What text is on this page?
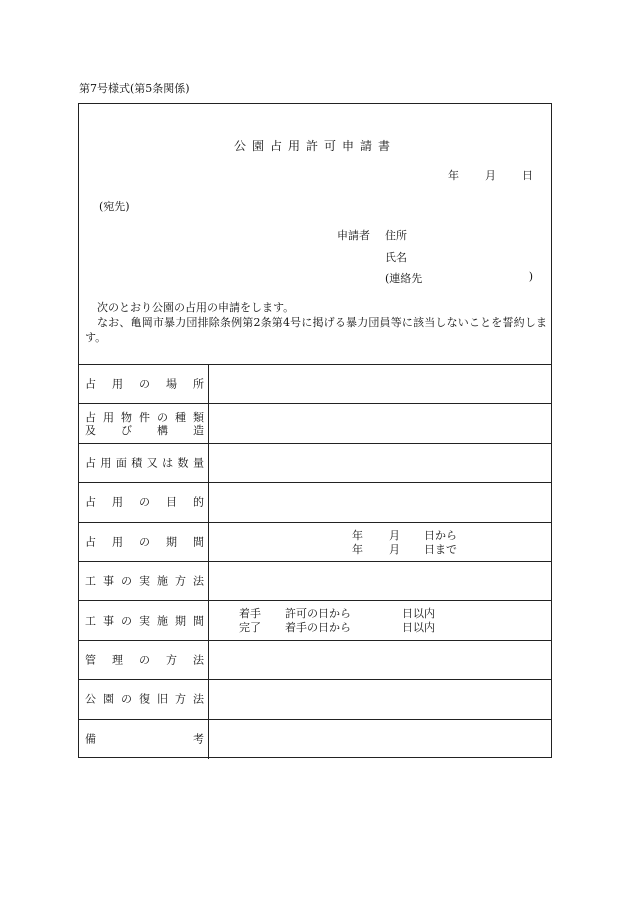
第7号様式(第5条関係)
公園占用許可申請書
年 月 日
(宛先)
申請者 住所
氏名
(連絡先	)

次のとおり公園の占用の申請をします。

なお、亀岡市暴力団排除条例第2条第4号に掲げる暴力団員等に該当しないことを誓約します。

占 用 の 場 所
占 用 物 件 の 種 類
及 び 構 造
占 用 面 積 又 は 数 量
占 用 の 目 的
占 用 の 期 間
年 月 日から
年 月 日まで
工 事 の 実 施 方 法
工 事 の 実 施 期 間
着手 許可の日から	日以内
完了 着手の日から	日以内
管 理 の 方 法
公 園 の 復 旧 方 法
備	考
